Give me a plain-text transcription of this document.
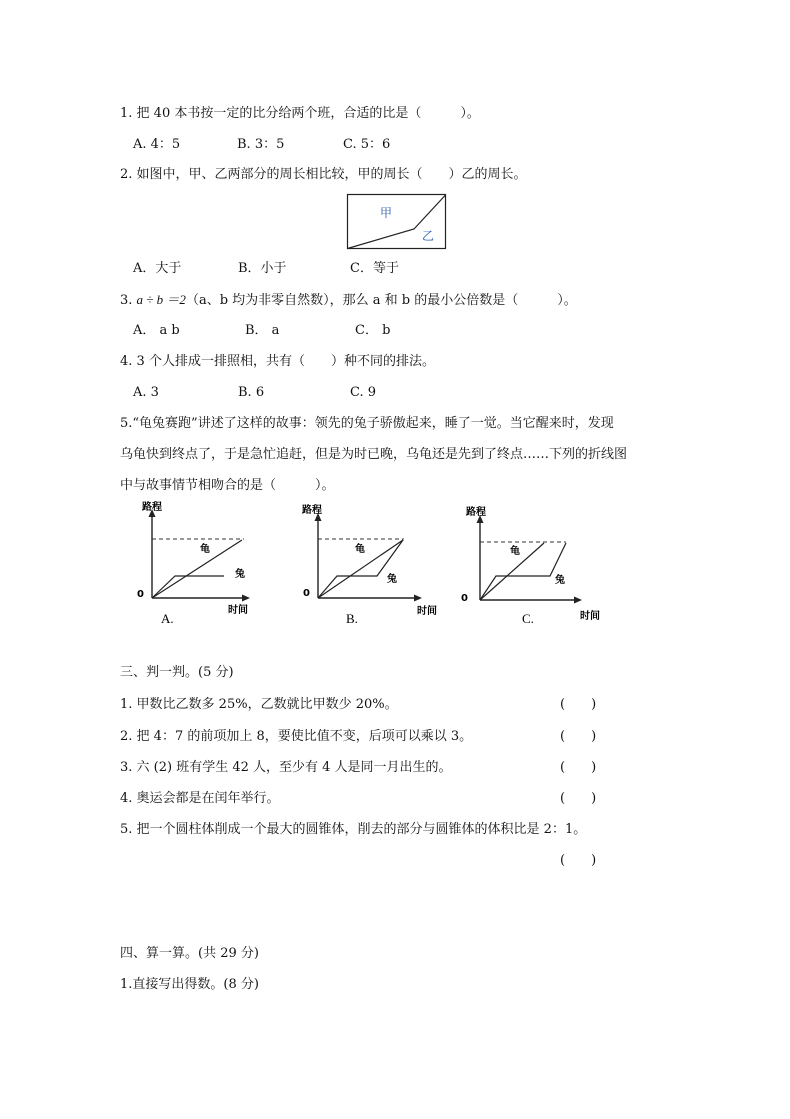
1. 把 40 本书按一定的比分给两个班，合适的比是（　　　）。
A. 4：5	B. 3：5	C. 5：6
2. 如图中，甲、乙两部分的周长相比较，甲的周长（　　）乙的周长。
甲
乙
A．大于	B．小于	C．等于
3. a ÷ b ＝2（a、b 均为非零自然数），那么 a 和 b 的最小公倍数是（　　　）。
A． a b	B． a	C． b
4. 3 个人排成一排照相，共有（　　）种不同的排法。
A. 3	B. 6	C. 9
5.“龟兔赛跑”讲述了这样的故事：领先的兔子骄傲起来，睡了一觉。当它醒来时，发现
乌龟快到终点了，于是急忙追赶，但是为时已晚，乌龟还是先到了终点……下列的折线图
中与故事情节相吻合的是（　　　）。
路程
0
龟
兔
时间
A.
路程
0
龟
兔
时间
B.
路程
0
龟
兔
时间
C.
三、判一判。(5 分)
1. 甲数比乙数多 25%，乙数就比甲数少 20%。	(　　)
2. 把 4：7 的前项加上 8，要使比值不变，后项可以乘以 3。	(　　)
3. 六 (2) 班有学生 42 人，至少有 4 人是同一月出生的。	(　　)
4. 奥运会都是在闰年举行。	(　　)
5. 把一个圆柱体削成一个最大的圆锥体，削去的部分与圆锥体的体积比是 2：1。
(　　)
四、算一算。(共 29 分)
1.直接写出得数。(8 分)
